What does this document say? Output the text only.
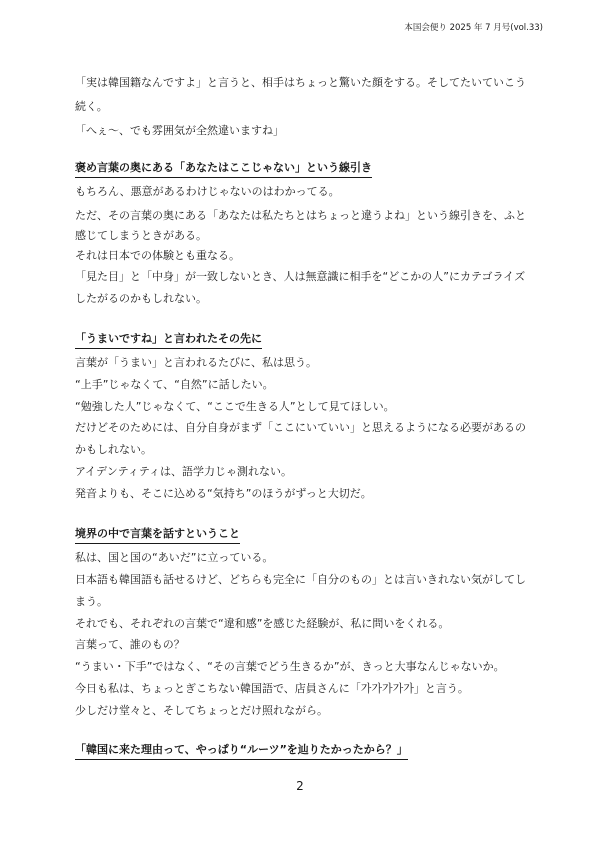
本国会便り 2025 年 7 月号(vol.33)
「実は韓国籍なんですよ」と言うと、相手はちょっと驚いた顔をする。そしてたいていこう
続く。
「へぇ～、でも雰囲気が全然違いますね」
褒め言葉の奥にある「あなたはここじゃない」という線引き
もちろん、悪意があるわけじゃないのはわかってる。
ただ、その言葉の奥にある「あなたは私たちとはちょっと違うよね」という線引きを、ふと
感じてしまうときがある。
それは日本での体験とも重なる。
「見た目」と「中身」が一致しないとき、人は無意識に相手を“どこかの人”にカテゴライズ
したがるのかもしれない。
「うまいですね」と言われたその先に
言葉が「うまい」と言われるたびに、私は思う。
“上手”じゃなくて、“自然”に話したい。
“勉強した人”じゃなくて、“ここで生きる人”として見てほしい。
だけどそのためには、自分自身がまず「ここにいていい」と思えるようになる必要があるの
かもしれない。
アイデンティティは、語学力じゃ測れない。
発音よりも、そこに込める“気持ち”のほうがずっと大切だ。
境界の中で言葉を話すということ
私は、国と国の“あいだ”に立っている。
日本語も韓国語も話せるけど、どちらも完全に「自分のもの」とは言いきれない気がしてし
まう。
それでも、それぞれの言葉で“違和感”を感じた経験が、私に問いをくれる。
言葉って、誰のもの？
“うまい・下手”ではなく、“その言葉でどう生きるか”が、きっと大事なんじゃないか。
今日も私は、ちょっとぎこちない韓国語で、店員さんに「가가가가가」と言う。
少しだけ堂々と、そしてちょっとだけ照れながら。
「韓国に来た理由って、やっぱり“ルーツ”を辿りたかったから？」
2
